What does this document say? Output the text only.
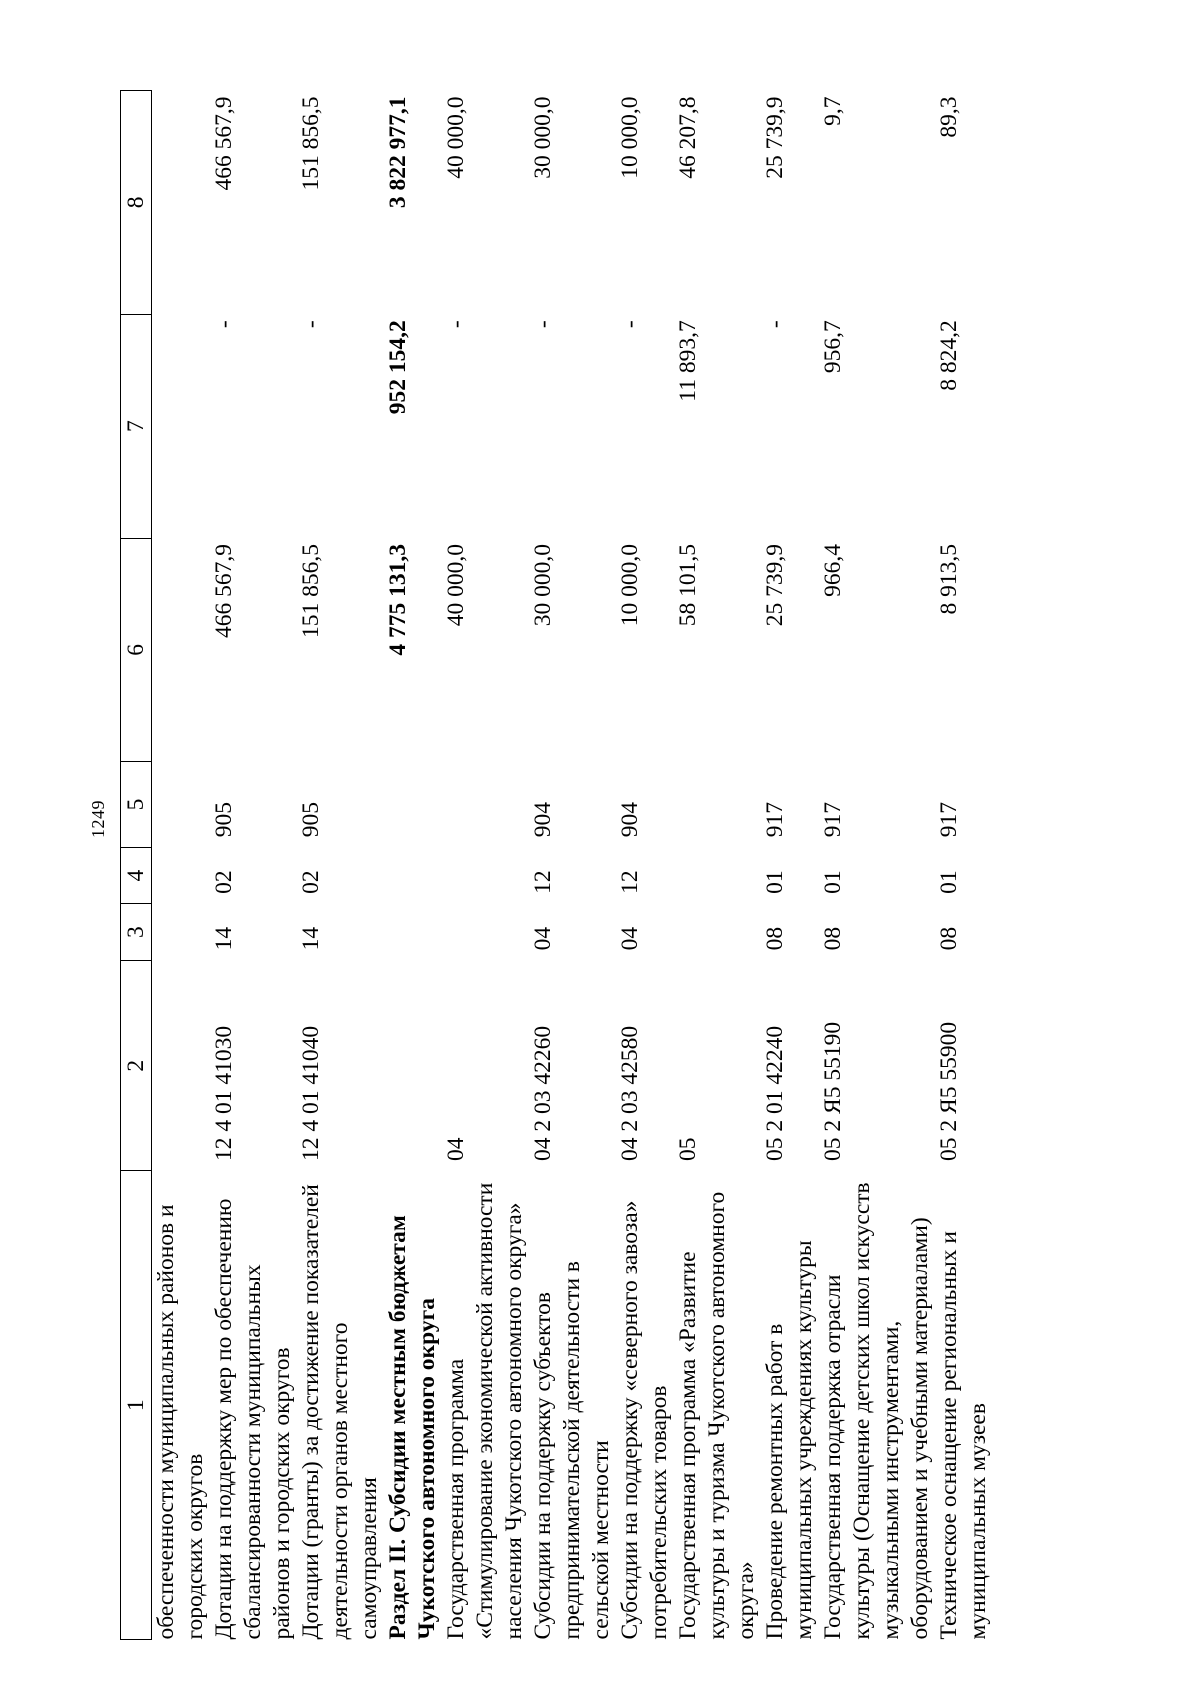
1249
1	2	3	4	5	6	7	8
обеспеченности муниципальных районов и городских округов							
Дотации на поддержку мер по обеспечению сбалансированности муниципальных районов и городских округов	12 4 01 41030	14	02	905	466 567,9	-	466 567,9
Дотации (гранты) за достижение показателей деятельности органов местного самоуправления	12 4 01 41040	14	02	905	151 856,5	-	151 856,5
Раздел II. Субсидии местным бюджетам Чукотского автономного округа					4 775 131,3	952 154,2	3 822 977,1
Государственная программа «Стимулирование экономической активности населения Чукотского автономного округа»	04				40 000,0	-	40 000,0
Субсидии на поддержку субъектов предпринимательской деятельности в сельской местности	04 2 03 42260	04	12	904	30 000,0	-	30 000,0
Субсидии на поддержку «северного завоза» потребительских товаров	04 2 03 42580	04	12	904	10 000,0	-	10 000,0
Государственная программа «Развитие культуры и туризма Чукотского автономного округа»	05				58 101,5	11 893,7	46 207,8
Проведение ремонтных работ в муниципальных учреждениях культуры	05 2 01 42240	08	01	917	25 739,9	-	25 739,9
Государственная поддержка отрасли культуры (Оснащение детских школ искусств музыкальными инструментами, оборудованием и учебными материалами)	05 2 Я5 55190	08	01	917	966,4	956,7	9,7
Техническое оснащение региональных и муниципальных музеев	05 2 Я5 55900	08	01	917	8 913,5	8 824,2	89,3
